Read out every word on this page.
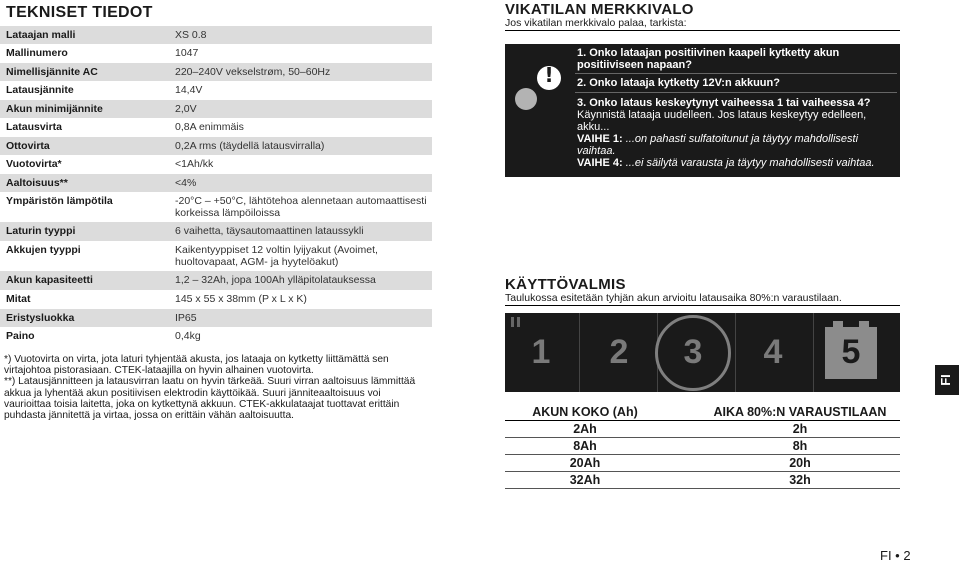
TEKNISET TIEDOT
Lataajan malli	XS 0.8
Mallinumero	1047
Nimellisjännite AC	220–240V vekselstrøm, 50–60Hz
Latausjännite	14,4V
Akun minimijännite	2,0V
Latausvirta	0,8A enimmäis
Ottovirta	0,2A rms (täydellä latausvirralla)
Vuotovirta*	<1Ah/kk
Aaltoisuus**	<4%
Ympäristön lämpötila	-20°C – +50°C, lähtötehoa alennetaan automaattisesti korkeissa lämpöiloissa
Laturin tyyppi	6 vaihetta, täysautomaattinen lataussykli
Akkujen tyyppi	Kaikentyyppiset 12 voltin lyijyakut (Avoimet, huoltovapaat, AGM- ja hyytelöakut)
Akun kapasiteetti	1,2 – 32Ah, jopa 100Ah ylläpitolatauksessa
Mitat	145 x 55 x 38mm (P x L x K)
Eristysluokka	IP65
Paino	0,4kg

*) Vuotovirta on virta, jota laturi tyhjentää akusta, jos lataaja on kytketty liittämättä sen virtajohtoa pistorasiaan. CTEK-lataajilla on hyvin alhainen vuotovirta.

**) Latausjännitteen ja latausvirran laatu on hyvin tärkeää. Suuri virran aaltoisuus lämmittää akkua ja lyhentää akun positiivisen elektrodin käyttöikää. Suuri jänniteaaltoisuus voi vaurioittaa toisia laitetta, joka on kytkettynä akkuun. CTEK-akkulataajat tuottavat erittäin puhdasta jännitettä ja virtaa, jossa on erittäin vähän aaltoisuutta.

VIKATILAN MERKKIVALO
Jos vikatilan merkkivalo palaa, tarkista:
!
1. Onko lataajan positiivinen kaapeli kytketty akun positiiviseen napaan?
2. Onko lataaja kytketty 12V:n akkuun?
3. Onko lataus keskeytynyt vaiheessa 1 tai vaiheessa 4?
Käynnistä lataaja uudelleen. Jos lataus keskeytyy edelleen, akku...
VAIHE 1: ...on pahasti sulfatoitunut ja täytyy mahdollisesti vaihtaa.
VAIHE 4: ...ei säilytä varausta ja täytyy mahdollisesti vaihtaa.
KÄYTTÖVALMIS
Taulukossa esitetään tyhjän akun arvioitu latausaika 80%:n varaustilaan.
1	2	3	4	5
AKUN KOKO (Ah)		AIKA 80%:N VARAUSTILAAN
2Ah		2h
8Ah		8h
20Ah		20h
32Ah		32h
FI
FI • 2
